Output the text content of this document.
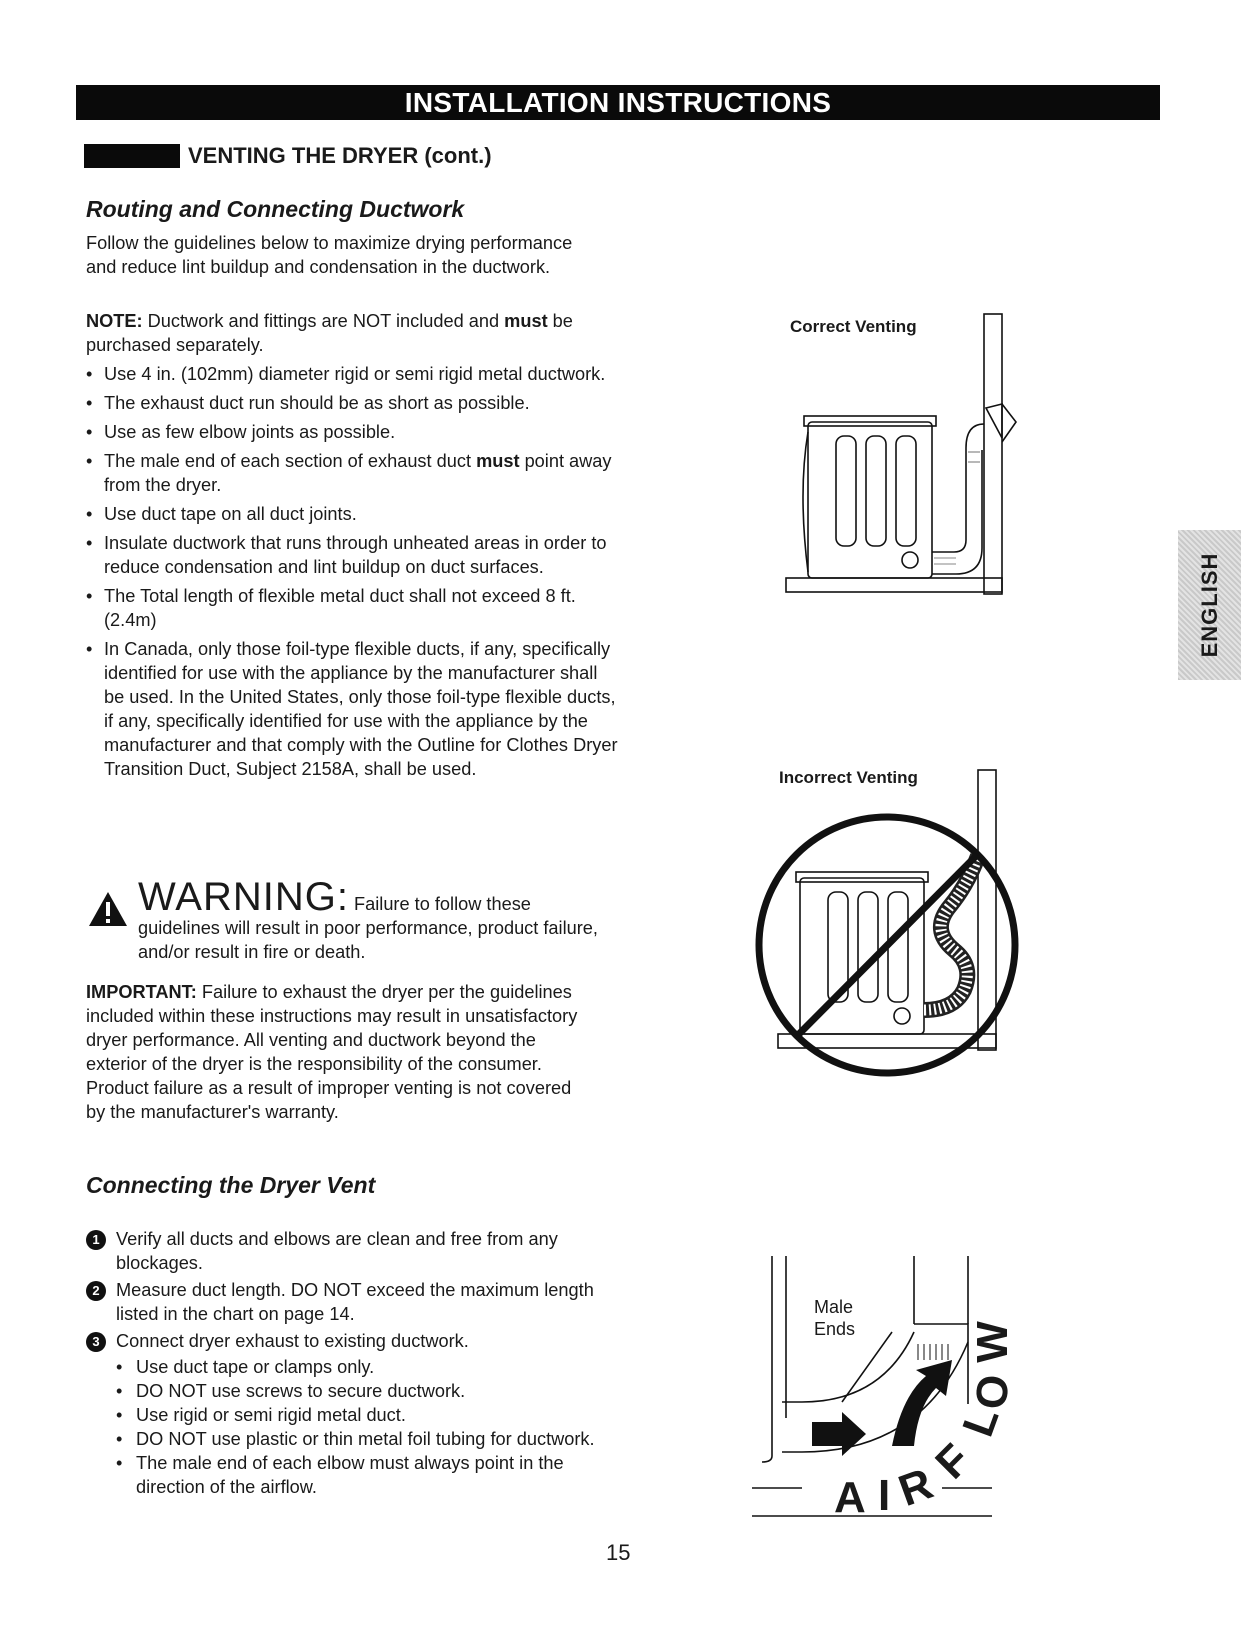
INSTALLATION INSTRUCTIONS
VENTING THE DRYER (cont.)
Routing and Connecting Ductwork
Follow the guidelines below to maximize drying performance and reduce lint buildup and condensation in the ductwork.
NOTE: Ductwork and fittings are NOT included and must be purchased separately.
• Use 4 in. (102mm) diameter rigid or semi rigid metal ductwork.
• The exhaust duct run should be as short as possible.
• Use as few elbow joints as possible.
• The male end of each section of exhaust duct must point away from the dryer.
• Use duct tape on all duct joints.
• Insulate ductwork that runs through unheated areas in order to reduce condensation and lint buildup on duct surfaces.
• The Total length of flexible metal duct shall not exceed 8 ft.(2.4m)
• In Canada, only those foil-type flexible ducts, if any, specifically identified for use with the appliance by the manufacturer shall be used. In the United States, only those foil-type flexible ducts, if any, specifically identified for use with the appliance by the manufacturer and that comply with the Outline for Clothes Dryer Transition Duct, Subject 2158A, shall be used.
WARNING: Failure to follow these
guidelines will result in poor performance, product failure, and/or result in fire or death.
IMPORTANT: Failure to exhaust the dryer per the guidelines included within these instructions may result in unsatisfactory dryer performance. All venting and ductwork beyond the exterior of the dryer is the responsibility of the consumer. Product failure as a result of improper venting is not covered by the manufacturer's warranty.
Connecting the Dryer Vent
1 Verify all ducts and elbows are clean and free from any blockages.
2 Measure duct length. DO NOT exceed the maximum length listed in the chart on page 14.
3 Connect dryer exhaust to existing ductwork.
• Use duct tape or clamps only.
• DO NOT use screws to secure ductwork.
• Use rigid or semi rigid metal duct.
• DO NOT use plastic or thin metal foil tubing for ductwork.
• The male end of each elbow must always point in the direction of the airflow.
Correct Venting
Incorrect Venting
Male
Ends
A I R
F
L
O
W
ENGLISH
15
